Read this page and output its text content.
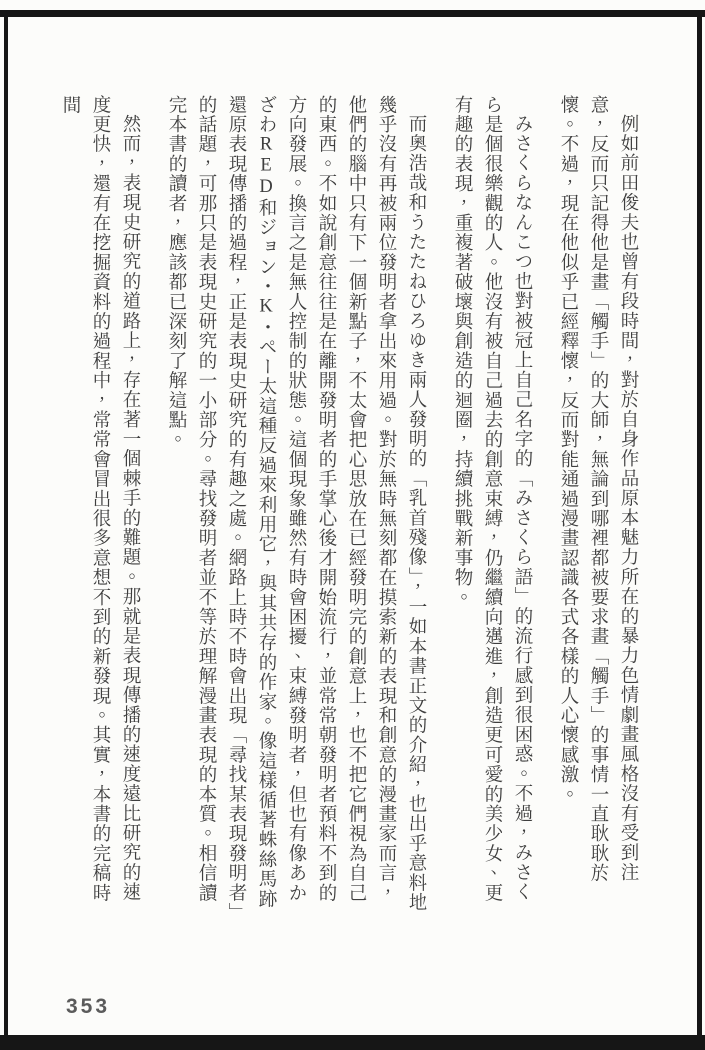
例如前田俊夫也曾有段時間，對於自身作品原本魅力所在的暴力色情劇畫風格沒有受到注意，反而只記得他是畫「觸手」的大師，無論到哪裡都被要求畫「觸手」的事情一直耿耿於懷。不過，現在他似乎已經釋懷，反而對能通過漫畫認識各式各樣的人心懷感激。

みさくらなんこつ也對被冠上自己名字的「みさくら語」的流行感到很困惑。不過，みさくら是個很樂觀的人。他沒有被自己過去的創意束縛，仍繼續向邁進，創造更可愛的美少女、更有趣的表現，重複著破壞與創造的迴圈，持續挑戰新事物。

而奧浩哉和うたたねひろゆき兩人發明的「乳首殘像」，一如本書正文的介紹，也出乎意料地幾乎沒有再被兩位發明者拿出來用過。對於無時無刻都在摸索新的表現和創意的漫畫家而言，他們的腦中只有下一個新點子，不太會把心思放在已經發明完的創意上，也不把它們視為自己的東西。不如說創意往往是在離開發明者的手掌心後才開始流行，並常常朝發明者預料不到的方向發展。換言之是無人控制的狀態。這個現象雖然有時會困擾、束縛發明者，但也有像あかざわRED和ジョン・K・ペー太這種反過來利用它，與其共存的作家。像這樣循著蛛絲馬跡還原表現傳播的過程，正是表現史研究的有趣之處。網路上時不時會出現「尋找某表現發明者」的話題，可那只是表現史研究的一小部分。尋找發明者並不等於理解漫畫表現的本質。相信讀完本書的讀者，應該都已深刻了解這點。

然而，表現史研究的道路上，存在著一個棘手的難題。那就是表現傳播的速度遠比研究的速度更快，還有在挖掘資料的過程中，常常會冒出很多意想不到的新發現。其實，本書的完稿時間

353
